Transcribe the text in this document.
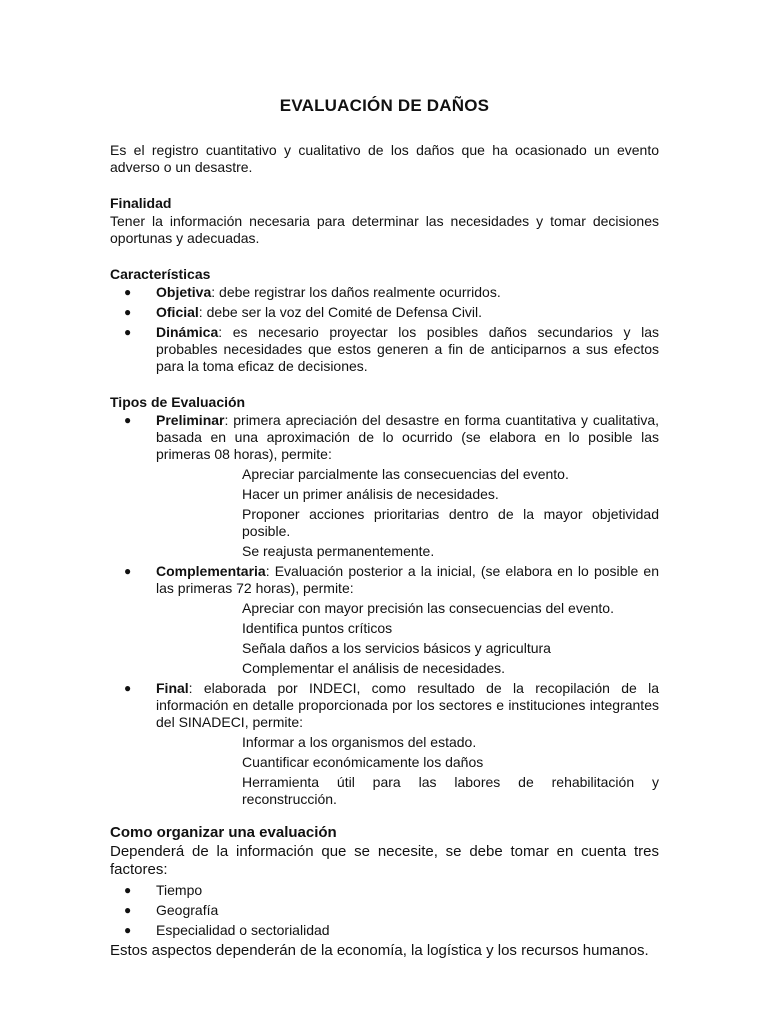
EVALUACIÓN DE DAÑOS

Es el registro cuantitativo y cualitativo de los daños que ha ocasionado un evento adverso o un desastre.

Finalidad

Tener la información necesaria para determinar las necesidades y tomar decisiones oportunas y adecuadas.

Características
● Objetiva: debe registrar los daños realmente ocurridos.
● Oficial: debe ser la voz del Comité de Defensa Civil.
● Dinámica: es necesario proyectar los posibles daños secundarios y las probables necesidades que estos generen a fin de anticiparnos a sus efectos para la toma eficaz de decisiones.
Tipos de Evaluación
● Preliminar: primera apreciación del desastre en forma cuantitativa y cualitativa, basada en una aproximación de lo ocurrido (se elabora en lo posible las primeras 08 horas), permite:
Apreciar parcialmente las consecuencias del evento.
Hacer un primer análisis de necesidades.
Proponer acciones prioritarias dentro de la mayor objetividad posible.
Se reajusta permanentemente.
● Complementaria: Evaluación posterior a la inicial, (se elabora en lo posible en las primeras 72 horas), permite:
Apreciar con mayor precisión las consecuencias del evento.
Identifica puntos críticos
Señala daños a los servicios básicos y agricultura
Complementar el análisis de necesidades.
● Final: elaborada por INDECI, como resultado de la recopilación de la información en detalle proporcionada por los sectores e instituciones integrantes del SINADECI, permite:
Informar a los organismos del estado.
Cuantificar económicamente los daños
Herramienta útil para las labores de rehabilitación y reconstrucción.
Como organizar una evaluación

Dependerá de la información que se necesite, se debe tomar en cuenta tres factores:

● Tiempo
● Geografía
● Especialidad o sectorialidad

Estos aspectos dependerán de la economía, la logística y los recursos humanos.
